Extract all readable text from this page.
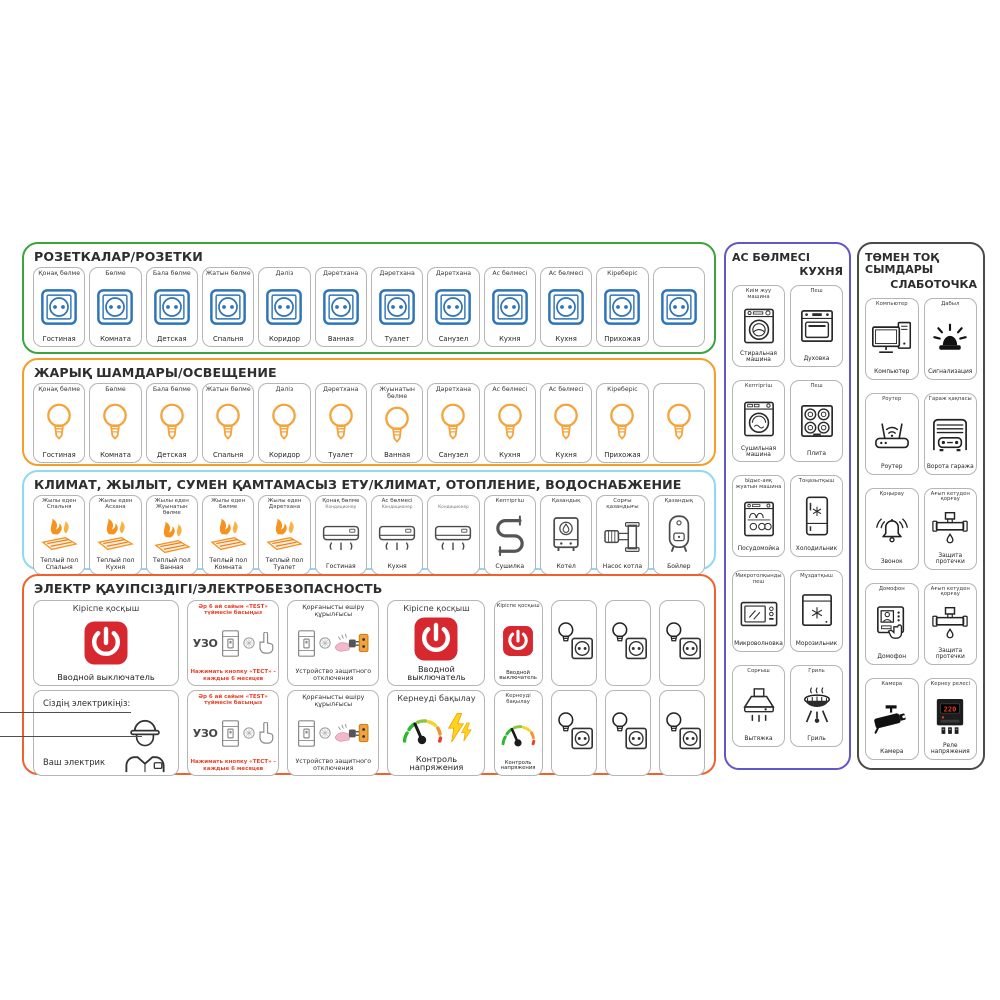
РОЗЕТКАЛАР/РОЗЕТКИ
Қонақ бөлме
Гостиная
Бөлме
Комната
Бала бөлме
Детская
Жатын бөлме
Спальня
Дәліз
Коридор
Дәретхана
Ванная
Дәретхана
Туалет
Дәретхана
Санузел
Ас бөлмесі
Кухня
Ас бөлмесі
Кухня
Кіреберіс
Прихожая
ЖАРЫҚ ШАМДАРЫ/ОСВЕЩЕНИЕ
Қонақ бөлме
Гостиная
Бөлме
Комната
Бала бөлме
Детская
Жатын бөлме
Спальня
Дәліз
Коридор
Дәретхана
Туалет
Жуынатын бөлме
Ванная
Дәретхана
Санузел
Ас бөлмесі
Кухня
Ас бөлмесі
Кухня
Кіреберіс
Прихожая
КЛИМАТ, ЖЫЛЫТ, СУМЕН ҚАМТАМАСЫЗ ЕТУ/КЛИМАТ, ОТОПЛЕНИЕ, ВОДОСНАБЖЕНИЕ
Жылы еден Спальня
Теплый пол Спальня
Жылы еден Асхана
Теплый пол Кухня
Жылы еден Жуынатын бөлме
Теплый пол Ванная
Жылы еден Бөлме
Теплый пол Комната
Жылы еден Дәретхана
Теплый пол Туалет
Қонақ бөлме
Кондиционер
Гостиная
Ас бөлмесі
Кондиционер
Кухня
Кондиционер
Кептіргіш
Сушилка
Қазандық
Котел
Сорғы қазандығы
Насос котла
Қазандық
Бойлер
ЭЛЕКТР ҚАУІПСІЗДІГІ/ЭЛЕКТРОБЕЗОПАСНОСТЬ
Кіріспе қосқыш
Вводной выключатель
Әр 6 ай сайын «TEST» түймесін басыңыз
УЗО
Нажимать кнопку «ТЕСТ» - каждые 6 месяцев
Қорғанысты өшіру құрылғысы
Устройство защитного отключения
Кіріспе қосқыш
Вводной выключатель
Кіріспе қосқыш
Вводной выключатель
Сіздің электрикіңіз:
Ваш электрик
Әр 6 ай сайын «TEST» түймесін басыңыз
УЗО
Нажимать кнопку «ТЕСТ» - каждые 6 месяцев
Қорғанысты өшіру құрылғысы
Устройство защитного отключения
Кернеуді бақылау
Контроль напряжения
Кернеуді бақылау
Контроль напряжения
АС БӨЛМЕСІ
КУХНЯ
Киім жуу машина
Стиральная машина
Пеш
Духовка
Кептіргіш
Сушильная машина
Пеш
Плита
Ыдыс-аяқ жуатын машина
Посудомойка
Тоңазытқыш
Холодильник
Микротолқынды пеш
Микроволновка
Мұздатқыш
Морозильник
Сорғыш
Вытяжка
Гриль
Гриль
ТӨМЕН ТОҚ СЫМДАРЫ
СЛАБОТОЧКА
Компьютер
Компьютер
Дабыл
Сигнализация
Роутер
Роутер
Гараж қақпасы
Ворота гаража
Қоңырау
Звонок
Ағып кетуден қорғау
Защита протечки
Домофон
Домофон
Ағып кетуден қорғау
Защита протечки
Камера
Камера
Кернеу релесі
220
Реле напряжения
